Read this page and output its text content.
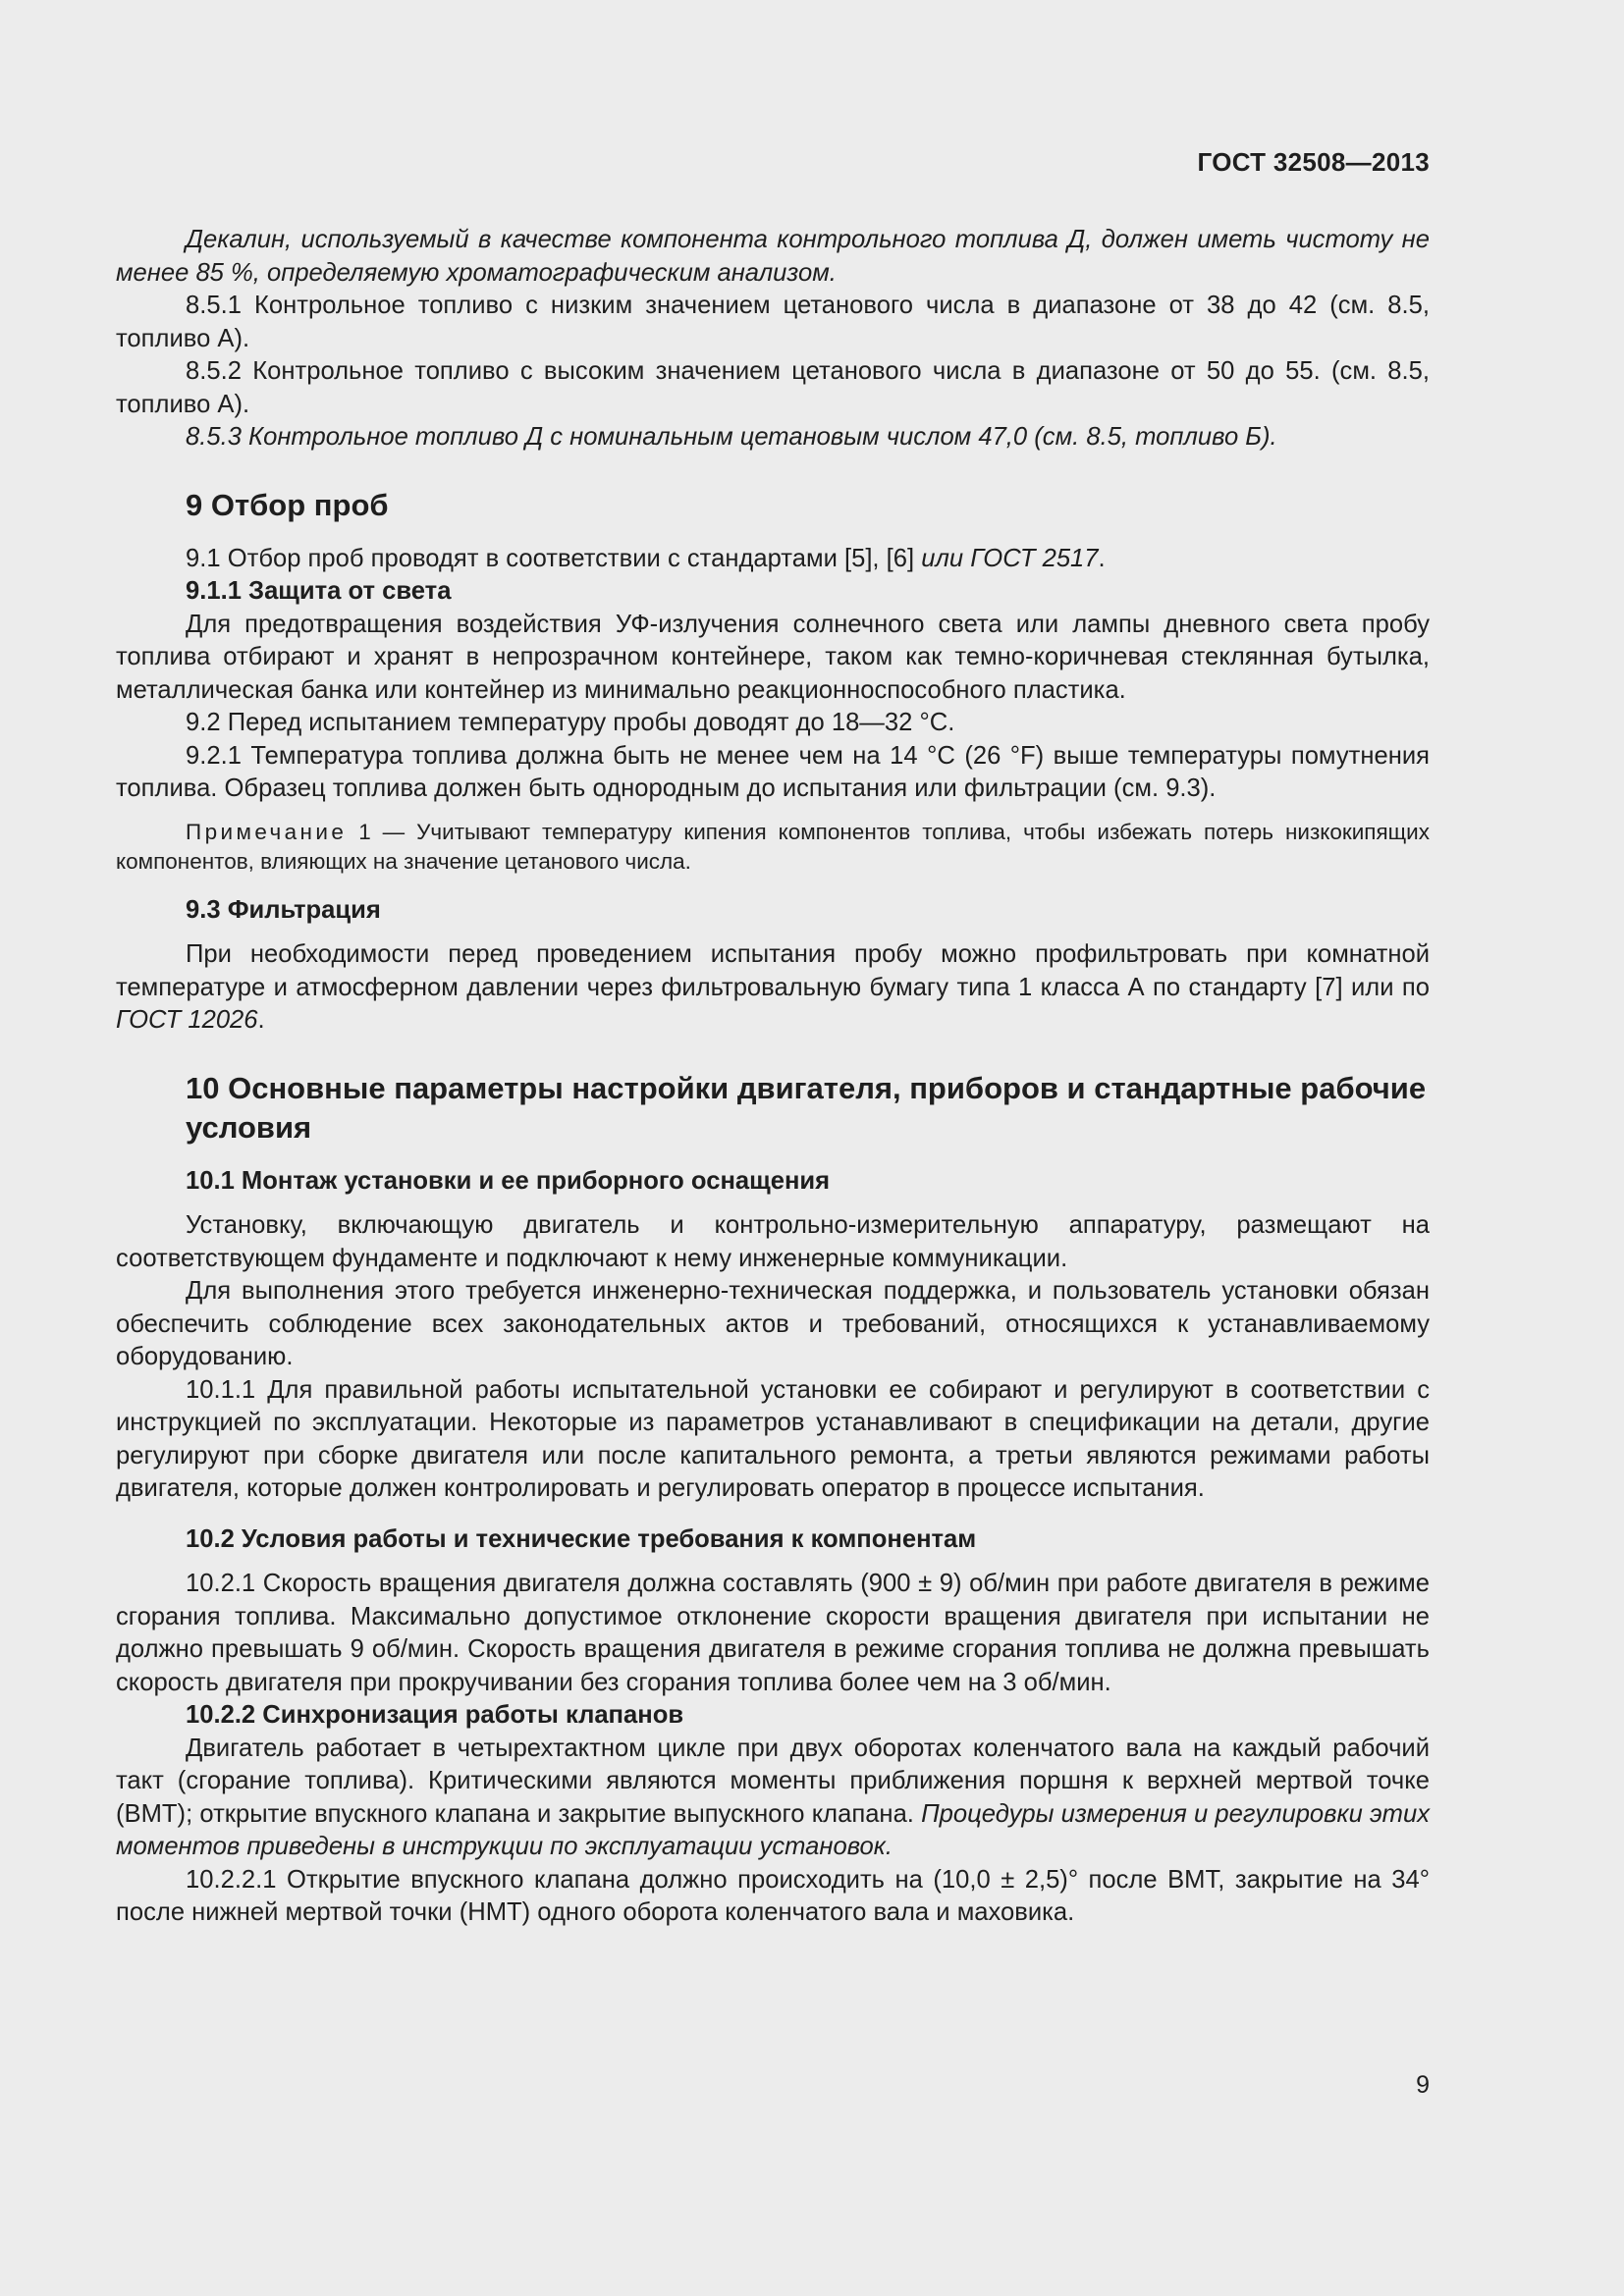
ГОСТ 32508—2013

Декалин, используемый в качестве компонента контрольного топлива Д, должен иметь чистоту не менее 85 %, определяемую хроматографическим анализом.

8.5.1 Контрольное топливо с низким значением цетанового числа в диапазоне от 38 до 42 (см. 8.5, топливо А).

8.5.2 Контрольное топливо с высоким значением цетанового числа в диапазоне от 50 до 55. (см. 8.5, топливо А).

8.5.3 Контрольное топливо Д с номинальным цетановым числом 47,0 (см. 8.5, топливо Б).

9 Отбор проб

9.1 Отбор проб проводят в соответствии с стандартами [5], [6] или ГОСТ 2517.

9.1.1 Защита от света

Для предотвращения воздействия УФ-излучения солнечного света или лампы дневного света пробу топлива отбирают и хранят в непрозрачном контейнере, таком как темно-коричневая стеклянная бутылка, металлическая банка или контейнер из минимально реакционноспособного пластика.

9.2 Перед испытанием температуру пробы доводят до 18—32 °С.

9.2.1 Температура топлива должна быть не менее чем на 14 °С (26 °F) выше температуры помутнения топлива. Образец топлива должен быть однородным до испытания или фильтрации (см. 9.3).

Примечание 1 — Учитывают температуру кипения компонентов топлива, чтобы избежать потерь низкокипящих компонентов, влияющих на значение цетанового числа.

9.3 Фильтрация

При необходимости перед проведением испытания пробу можно профильтровать при комнатной температуре и атмосферном давлении через фильтровальную бумагу типа 1 класса А по стандарту [7] или по ГОСТ 12026.

10 Основные параметры настройки двигателя, приборов и стандартные рабочие условия
10.1 Монтаж установки и ее приборного оснащения

Установку, включающую двигатель и контрольно-измерительную аппаратуру, размещают на соответствующем фундаменте и подключают к нему инженерные коммуникации.

Для выполнения этого требуется инженерно-техническая поддержка, и пользователь установки обязан обеспечить соблюдение всех законодательных актов и требований, относящихся к устанавливаемому оборудованию.

10.1.1 Для правильной работы испытательной установки ее собирают и регулируют в соответствии с инструкцией по эксплуатации. Некоторые из параметров устанавливают в спецификации на детали, другие регулируют при сборке двигателя или после капитального ремонта, а третьи являются режимами работы двигателя, которые должен контролировать и регулировать оператор в процессе испытания.

10.2 Условия работы и технические требования к компонентам

10.2.1 Скорость вращения двигателя должна составлять (900 ± 9) об/мин при работе двигателя в режиме сгорания топлива. Максимально допустимое отклонение скорости вращения двигателя при испытании не должно превышать 9 об/мин. Скорость вращения двигателя в режиме сгорания топлива не должна превышать скорость двигателя при прокручивании без сгорания топлива более чем на 3 об/мин.

10.2.2 Синхронизация работы клапанов

Двигатель работает в четырехтактном цикле при двух оборотах коленчатого вала на каждый рабочий такт (сгорание топлива). Критическими являются моменты приближения поршня к верхней мертвой точке (ВМТ); открытие впускного клапана и закрытие выпускного клапана. Процедуры измерения и регулировки этих моментов приведены в инструкции по эксплуатации установок.

10.2.2.1 Открытие впускного клапана должно происходить на (10,0 ± 2,5)° после ВМТ, закрытие на 34° после нижней мертвой точки (НМТ) одного оборота коленчатого вала и маховика.

9
